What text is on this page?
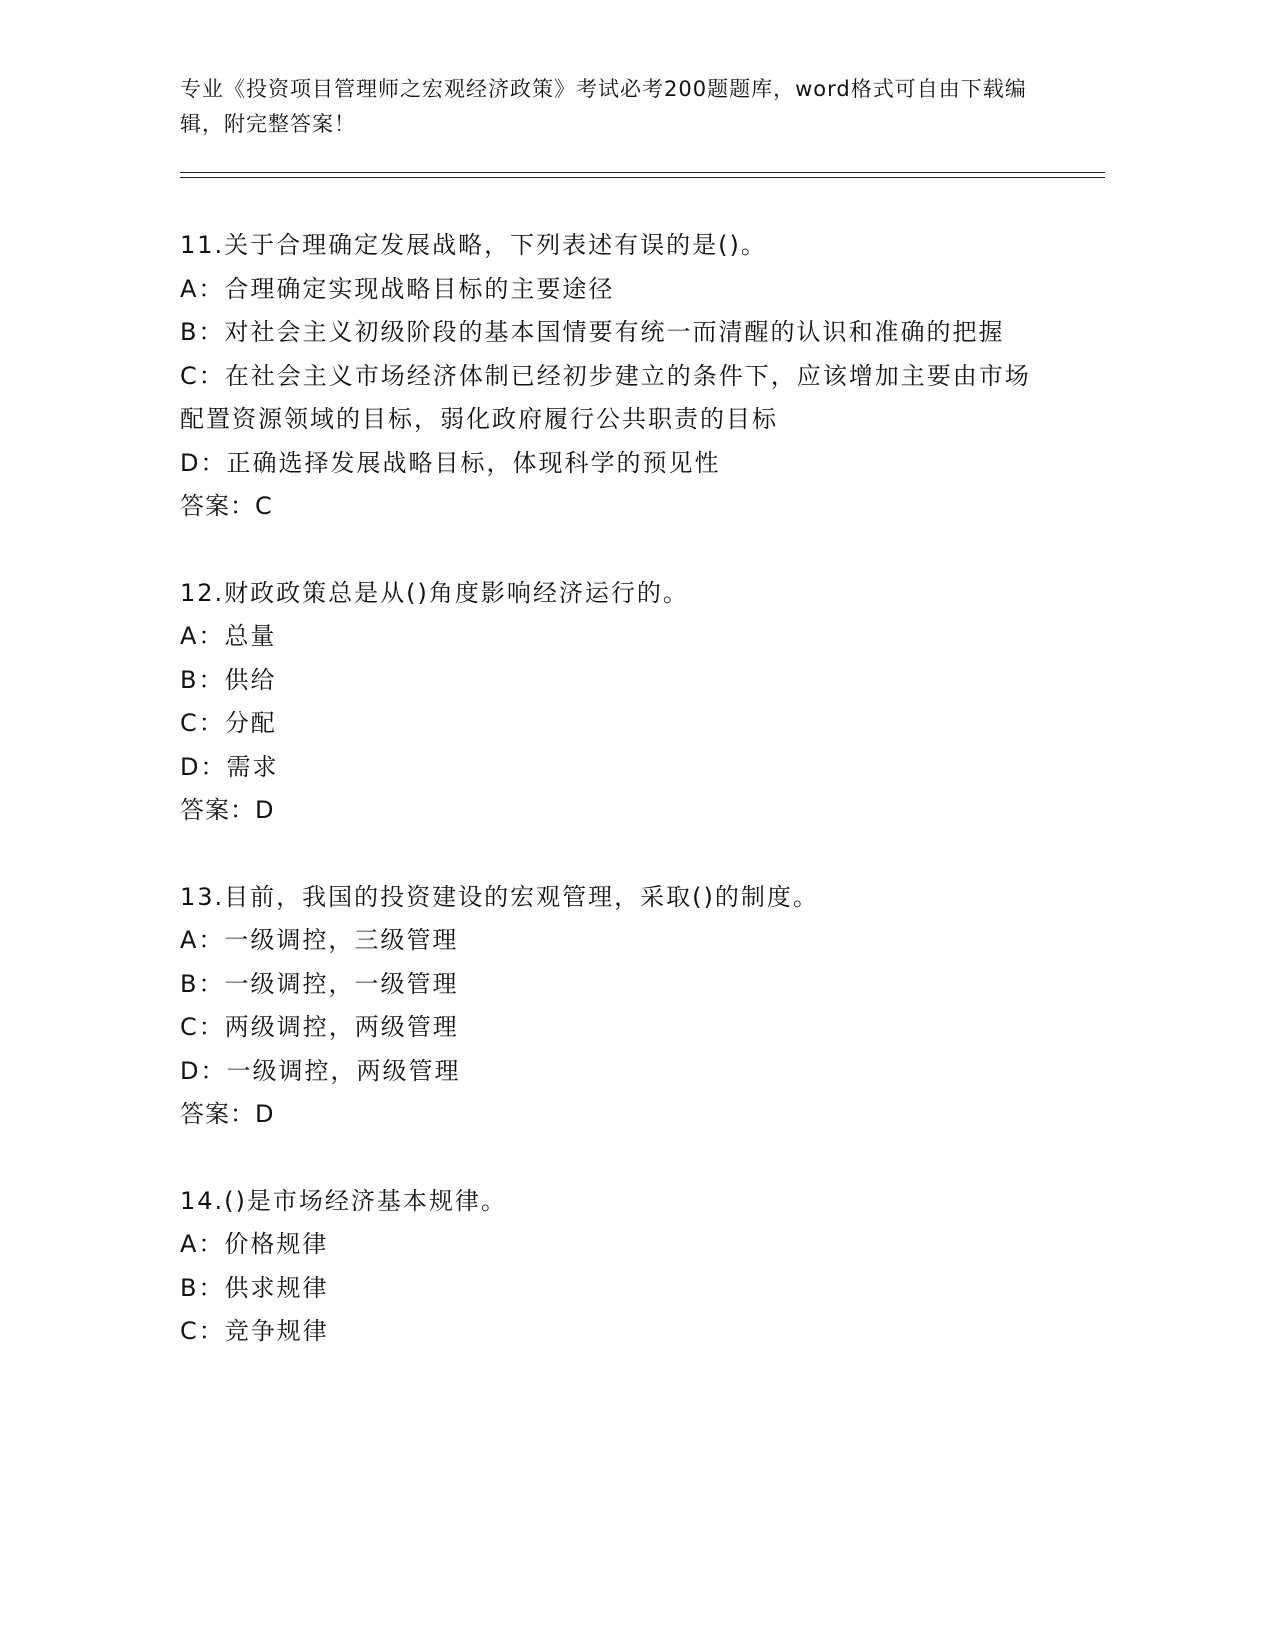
专业《投资项目管理师之宏观经济政策》考试必考200题题库，word格式可自由下载编辑，附完整答案！
11.关于合理确定发展战略，下列表述有误的是()。
A：合理确定实现战略目标的主要途径
B：对社会主义初级阶段的基本国情要有统一而清醒的认识和准确的把握
C：在社会主义市场经济体制已经初步建立的条件下，应该增加主要由市场配置资源领域的目标，弱化政府履行公共职责的目标
D：正确选择发展战略目标，体现科学的预见性
答案：C
12.财政政策总是从()角度影响经济运行的。
A：总量
B：供给
C：分配
D：需求
答案：D
13.目前，我国的投资建设的宏观管理，采取()的制度。
A：一级调控，三级管理
B：一级调控，一级管理
C：两级调控，两级管理
D：一级调控，两级管理
答案：D
14.()是市场经济基本规律。
A：价格规律
B：供求规律
C：竞争规律
